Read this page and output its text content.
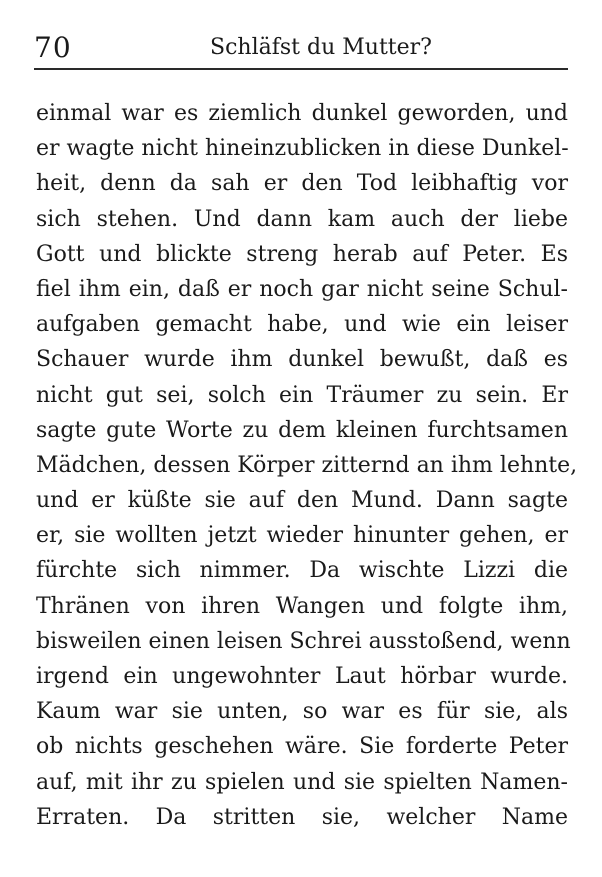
70	Schläfst du Mutter?
einmal war es ziemlich dunkel geworden, und
er wagte nicht hineinzublicken in diese Dunkel-
heit, denn da sah er den Tod leibhaftig vor
sich stehen. Und dann kam auch der liebe
Gott und blickte streng herab auf Peter. Es
fiel ihm ein, daß er noch gar nicht seine Schul-
aufgaben gemacht habe, und wie ein leiser
Schauer wurde ihm dunkel bewußt, daß es
nicht gut sei, solch ein Träumer zu sein. Er
sagte gute Worte zu dem kleinen furchtsamen
Mädchen, dessen Körper zitternd an ihm lehnte,
und er küßte sie auf den Mund. Dann sagte
er, sie wollten jetzt wieder hinunter gehen, er
fürchte sich nimmer. Da wischte Lizzi die
Thränen von ihren Wangen und folgte ihm,
bisweilen einen leisen Schrei ausstoßend, wenn
irgend ein ungewohnter Laut hörbar wurde.
Kaum war sie unten, so war es für sie, als
ob nichts geschehen wäre. Sie forderte Peter
auf, mit ihr zu spielen und sie spielten Namen-
Erraten. Da stritten sie, welcher Name
